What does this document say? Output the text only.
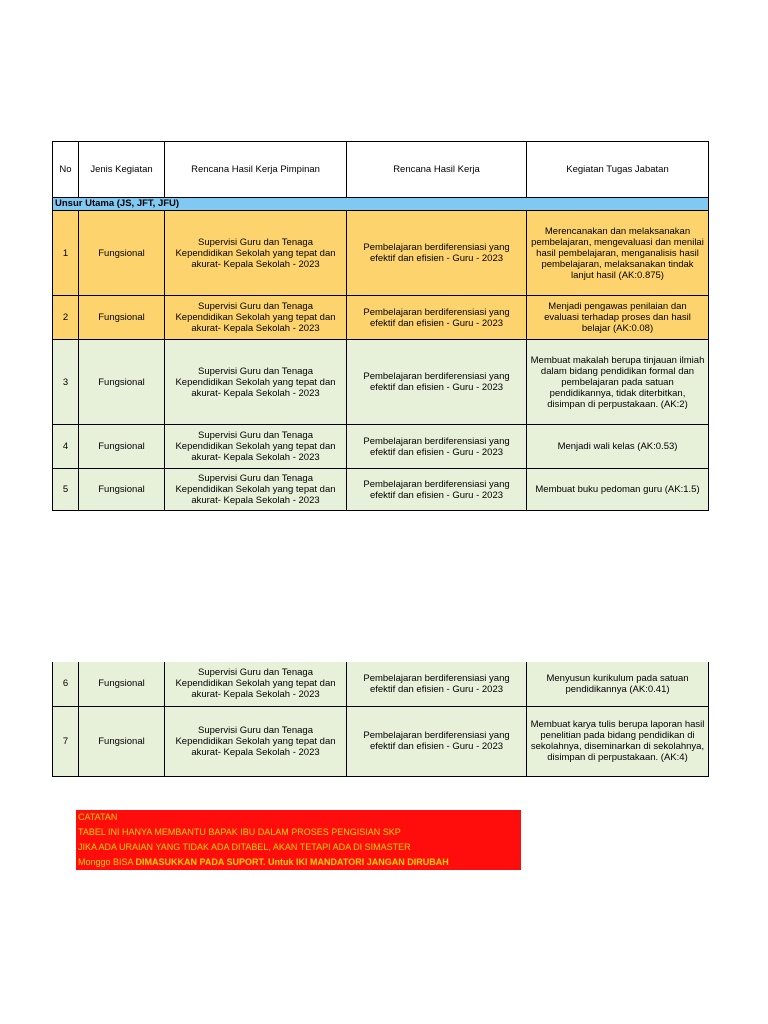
No	Jenis Kegiatan	Rencana Hasil Kerja Pimpinan	Rencana Hasil Kerja	Kegiatan Tugas Jabatan
Unsur Utama (JS, JFT, JFU)				
1	Fungsional	Supervisi Guru dan Tenaga Kependidikan Sekolah yang tepat dan akurat- Kepala Sekolah - 2023	Pembelajaran berdiferensiasi yang efektif dan efisien - Guru - 2023	Merencanakan dan melaksanakan pembelajaran, mengevaluasi dan menilai hasil pembelajaran, menganalisis hasil pembelajaran, melaksanakan tindak lanjut hasil (AK:0.875)
2	Fungsional	Supervisi Guru dan Tenaga Kependidikan Sekolah yang tepat dan akurat- Kepala Sekolah - 2023	Pembelajaran berdiferensiasi yang efektif dan efisien - Guru - 2023	Menjadi pengawas penilaian dan evaluasi terhadap proses dan hasil belajar (AK:0.08)
3	Fungsional	Supervisi Guru dan Tenaga Kependidikan Sekolah yang tepat dan akurat- Kepala Sekolah - 2023	Pembelajaran berdiferensiasi yang efektif dan efisien - Guru - 2023	Membuat makalah berupa tinjauan ilmiah dalam bidang pendidikan formal dan pembelajaran pada satuan pendidikannya, tidak diterbitkan, disimpan di perpustakaan. (AK:2)
4	Fungsional	Supervisi Guru dan Tenaga Kependidikan Sekolah yang tepat dan akurat- Kepala Sekolah - 2023	Pembelajaran berdiferensiasi yang efektif dan efisien - Guru - 2023	Menjadi wali kelas (AK:0.53)
5	Fungsional	Supervisi Guru dan Tenaga Kependidikan Sekolah yang tepat dan akurat- Kepala Sekolah - 2023	Pembelajaran berdiferensiasi yang efektif dan efisien - Guru - 2023	Membuat buku pedoman guru (AK:1.5)
6	Fungsional	Supervisi Guru dan Tenaga Kependidikan Sekolah yang tepat dan akurat- Kepala Sekolah - 2023	Pembelajaran berdiferensiasi yang efektif dan efisien - Guru - 2023	Menyusun kurikulum pada satuan pendidikannya (AK:0.41)
7	Fungsional	Supervisi Guru dan Tenaga Kependidikan Sekolah yang tepat dan akurat- Kepala Sekolah - 2023	Pembelajaran berdiferensiasi yang efektif dan efisien - Guru - 2023	Membuat karya tulis berupa laporan hasil penelitian pada bidang pendidikan di sekolahnya, diseminarkan di sekolahnya, disimpan di perpustakaan. (AK:4)
CATATAN
TABEL INI HANYA MEMBANTU BAPAK IBU DALAM PROSES PENGISIAN SKP
JIKA ADA URAIAN YANG TIDAK ADA DITABEL, AKAN TETAPI ADA DI SIMASTER
Monggo BISA DIMASUKKAN PADA SUPORT. Untuk IKI MANDATORI JANGAN DIRUBAH
